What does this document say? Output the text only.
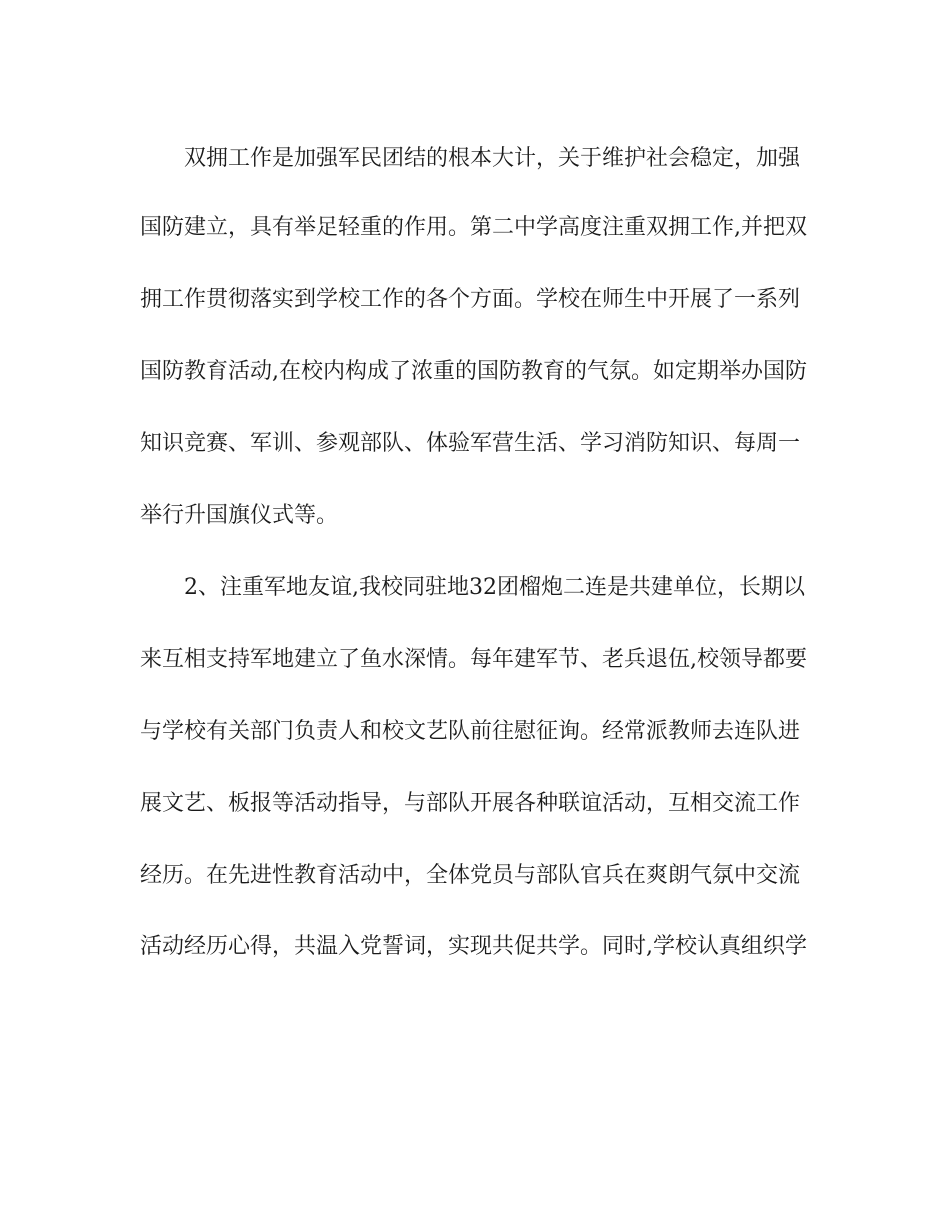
双拥工作是加强军民团结的根本大计，关于维护社会稳定，加强
国防建立，具有举足轻重的作用。第二中学高度注重双拥工作,并把双
拥工作贯彻落实到学校工作的各个方面。学校在师生中开展了一系列
国防教育活动,在校内构成了浓重的国防教育的气氛。如定期举办国防
知识竞赛、军训、参观部队、体验军营生活、学习消防知识、每周一
举行升国旗仪式等。
2、注重军地友谊,我校同驻地32团榴炮二连是共建单位，长期以
来互相支持军地建立了鱼水深情。每年建军节、老兵退伍,校领导都要
与学校有关部门负责人和校文艺队前往慰征询。经常派教师去连队进
展文艺、板报等活动指导，与部队开展各种联谊活动，互相交流工作
经历。在先进性教育活动中，全体党员与部队官兵在爽朗气氛中交流
活动经历心得，共温入党誓词，实现共促共学。同时,学校认真组织学
